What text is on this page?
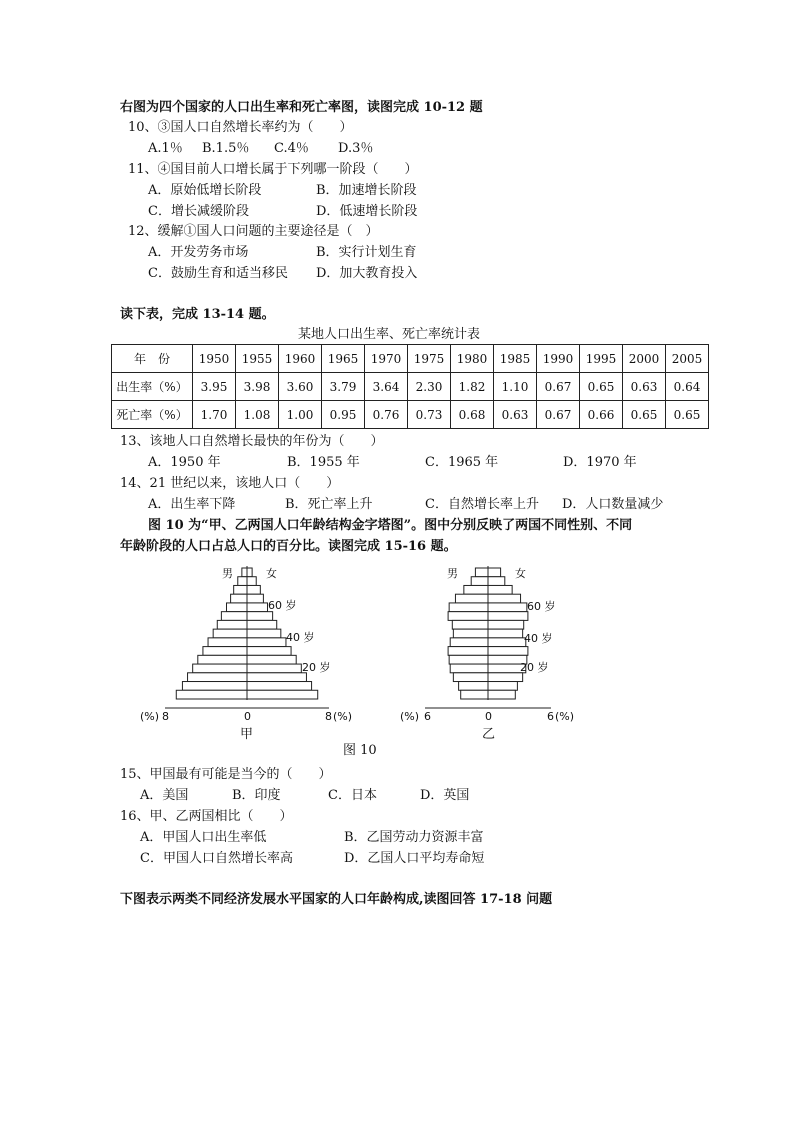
右图为四个国家的人口出生率和死亡率图，读图完成 10-12 题
10、③国人口自然增长率约为（　　）
A.1％ B.1.5％ C.4％ D.3％
11、④国目前人口增长属于下列哪一阶段（　　）
A．原始低增长阶段	B．加速增长阶段
C．增长减缓阶段	D．低速增长阶段
12、缓解①国人口问题的主要途径是（　）
A．开发劳务市场	B．实行计划生育
C．鼓励生育和适当移民 D．加大教育投入
读下表，完成 13-14 题。
某地人口出生率、死亡率统计表
年　份	1950	1955	1960	1965	1970	1975	1980	1985	1990	1995	2000	2005
出生率（%）	3.95	3.98	3.60	3.79	3.64	2.30	1.82	1.10	0.67	0.65	0.63	0.64
死亡率（%）	1.70	1.08	1.00	0.95	0.76	0.73	0.68	0.63	0.67	0.66	0.65	0.65
13、该地人口自然增长最快的年份为（　　）
A．1950 年	B．1955 年	C．1965 年	D．1970 年
14、21 世纪以来，该地人口（　　）
A．出生率下降	B．死亡率上升	C．自然增长率上升 D．人口数量减少
图 10 为“甲、乙两国人口年龄结构金字塔图”。图中分别反映了两国不同性别、不同
年龄阶段的人口占总人口的百分比。读图完成 15-16 题。
男	女
60 岁
40 岁
20 岁
(%) 8	0	8 (%)
甲
男	女
60 岁
40 岁
20 岁
(%) 6	0	6 (%)
乙
图 10
15、甲国最有可能是当今的（　　）
A．美国	B．印度	C．日本	D．英国
16、甲、乙两国相比（　　）
A．甲国人口出生率低	B．乙国劳动力资源丰富
C．甲国人口自然增长率高	D．乙国人口平均寿命短
下图表示两类不同经济发展水平国家的人口年龄构成,读图回答 17-18 问题
